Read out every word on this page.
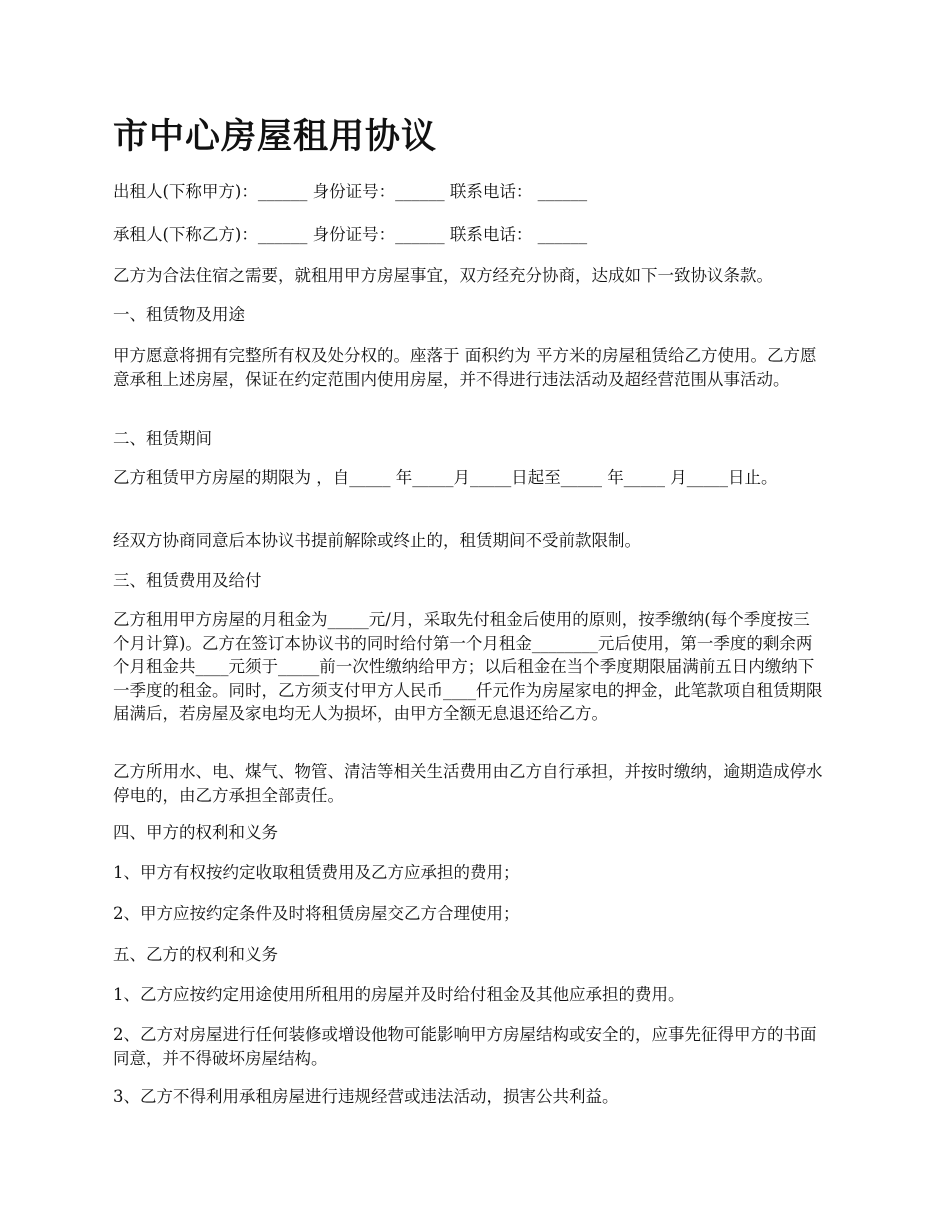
市中心房屋租用协议

出租人(下称甲方)：______ 身份证号：______ 联系电话： ______

承租人(下称乙方)：______ 身份证号：______ 联系电话： ______

乙方为合法住宿之需要，就租用甲方房屋事宜，双方经充分协商，达成如下一致协议条款。

一、租赁物及用途

甲方愿意将拥有完整所有权及处分权的。座落于 面积约为 平方米的房屋租赁给乙方使用。乙方愿意承租上述房屋，保证在约定范围内使用房屋，并不得进行违法活动及超经营范围从事活动。

二、租赁期间

乙方租赁甲方房屋的期限为 ，自_____ 年_____月_____日起至_____ 年_____ 月_____日止。

经双方协商同意后本协议书提前解除或终止的，租赁期间不受前款限制。

三、租赁费用及给付

乙方租用甲方房屋的月租金为_____元/月，采取先付租金后使用的原则，按季缴纳(每个季度按三个月计算)。乙方在签订本协议书的同时给付第一个月租金________元后使用，第一季度的剩余两个月租金共____元须于_____前一次性缴纳给甲方；以后租金在当个季度期限届满前五日内缴纳下一季度的租金。同时，乙方须支付甲方人民币____仟元作为房屋家电的押金，此笔款项自租赁期限届满后，若房屋及家电均无人为损坏，由甲方全额无息退还给乙方。

乙方所用水、电、煤气、物管、清洁等相关生活费用由乙方自行承担，并按时缴纳，逾期造成停水停电的，由乙方承担全部责任。

四、甲方的权利和义务

1、甲方有权按约定收取租赁费用及乙方应承担的费用；

2、甲方应按约定条件及时将租赁房屋交乙方合理使用；

五、乙方的权利和义务

1、乙方应按约定用途使用所租用的房屋并及时给付租金及其他应承担的费用。

2、乙方对房屋进行任何装修或增设他物可能影响甲方房屋结构或安全的，应事先征得甲方的书面同意，并不得破坏房屋结构。

3、乙方不得利用承租房屋进行违规经营或违法活动，损害公共利益。
